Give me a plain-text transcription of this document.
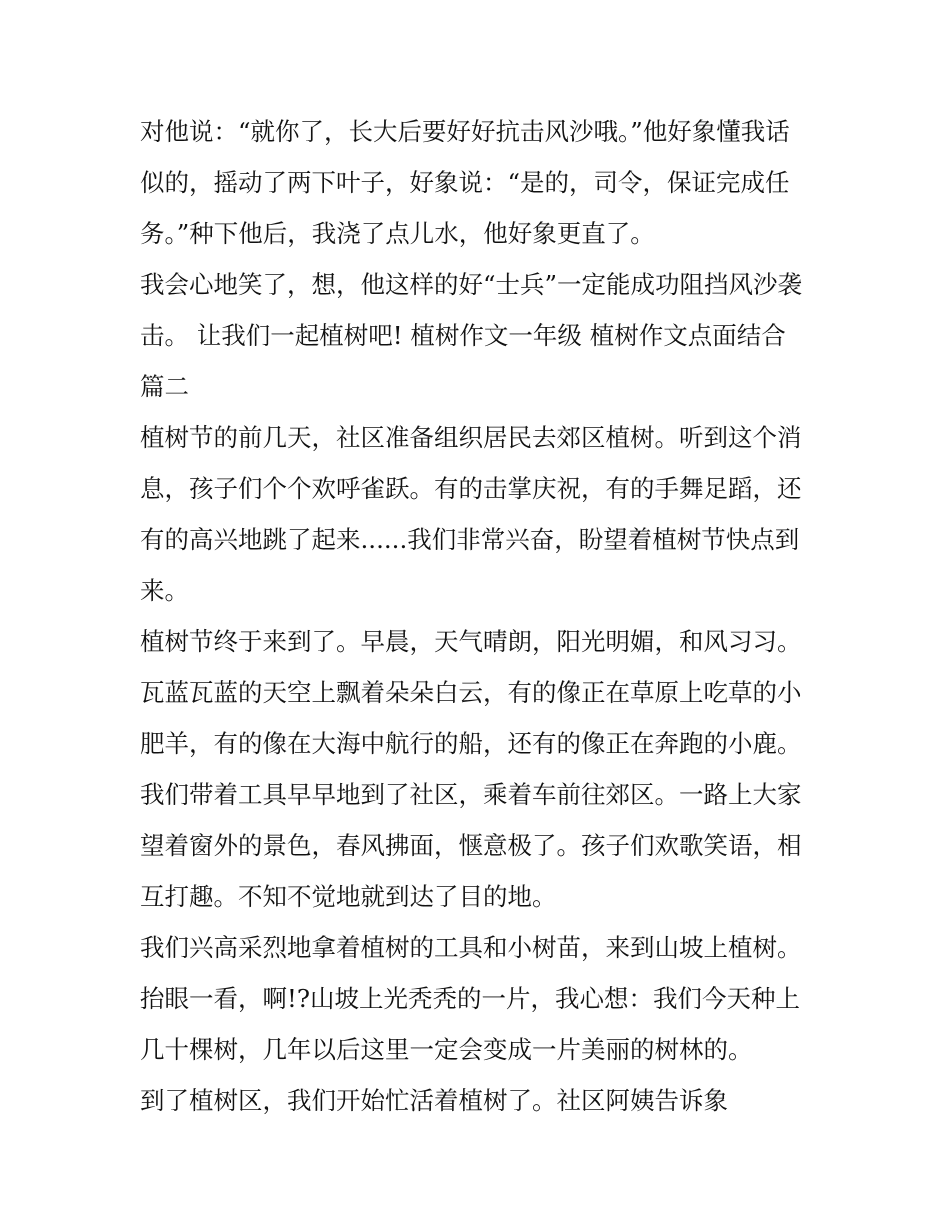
对他说：“就你了，长大后要好好抗击风沙哦。”他好象懂我话
似的，摇动了两下叶子，好象说：“是的，司令，保证完成任
务。”种下他后，我浇了点儿水，他好象更直了。

我会心地笑了，想，他这样的好“士兵”一定能成功阻挡风沙袭
击。 让我们一起植树吧! 植树作文一年级 植树作文点面结合
篇二

植树节的前几天，社区准备组织居民去郊区植树。听到这个消
息，孩子们个个欢呼雀跃。有的击掌庆祝，有的手舞足蹈，还
有的高兴地跳了起来......我们非常兴奋，盼望着植树节快点到
来。

植树节终于来到了。早晨，天气晴朗，阳光明媚，和风习习。
瓦蓝瓦蓝的天空上飘着朵朵白云，有的像正在草原上吃草的小
肥羊，有的像在大海中航行的船，还有的像正在奔跑的小鹿。
我们带着工具早早地到了社区，乘着车前往郊区。一路上大家
望着窗外的景色，春风拂面，惬意极了。孩子们欢歌笑语，相
互打趣。不知不觉地就到达了目的地。

我们兴高采烈地拿着植树的工具和小树苗，来到山坡上植树。
抬眼一看，啊!?山坡上光秃秃的一片，我心想：我们今天种上
几十棵树，几年以后这里一定会变成一片美丽的树林的。

到了植树区，我们开始忙活着植树了。社区阿姨告诉象
